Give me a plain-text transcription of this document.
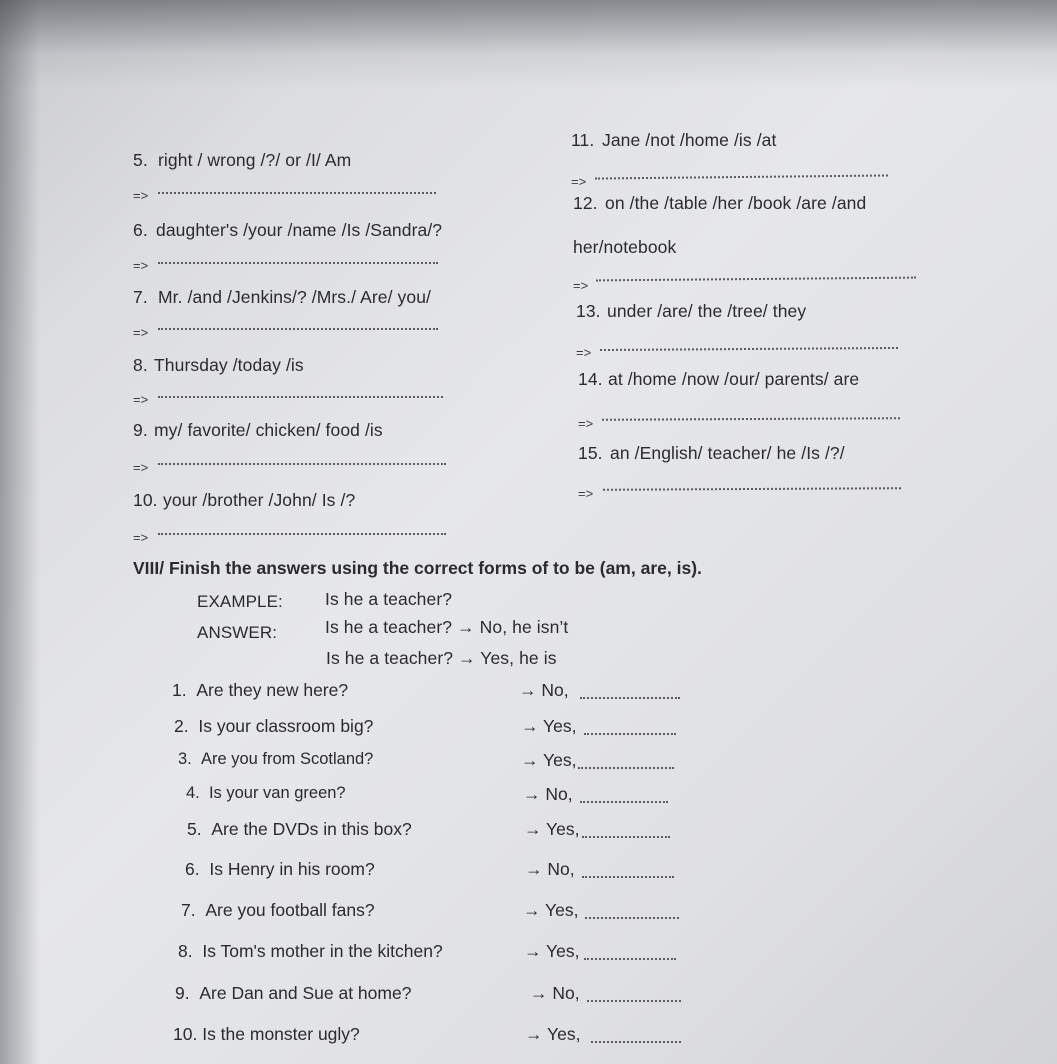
5. right / wrong /?/ or /I/ Am
=>
6. daughter's /your /name /Is /Sandra/?
=>
7. Mr. /and /Jenkins/? /Mrs./ Are/ you/
=>
8. Thursday /today /is
=>
9. my/ favorite/ chicken/ food /is
=>
10. your /brother /John/ Is /?
=>
11. Jane /not /home /is /at
=>
12. on /the /table /her /book /are /and
her/notebook
=>
13. under /are/ the /tree/ they
=>
14. at /home /now /our/ parents/ are
=>
15. an /English/ teacher/ he /Is /?/
=>
VIII/ Finish the answers using the correct forms of to be (am, are, is).
EXAMPLE: Is he a teacher?
ANSWER:	Is he a teacher? → No, he isn’t
Is he a teacher? → Yes, he is
1. Are they new here?	→ No,
2. Is your classroom big?	→ Yes,
3. Are you from Scotland?	→ Yes,
4. Is your van green?	→ No,
5. Are the DVDs in this box?	→ Yes,
6. Is Henry in his room?	→ No,
7. Are you football fans?	→ Yes,
8. Is Tom's mother in the kitchen?	→ Yes,
9. Are Dan and Sue at home?	→ No,
10. Is the monster ugly?	→ Yes,
